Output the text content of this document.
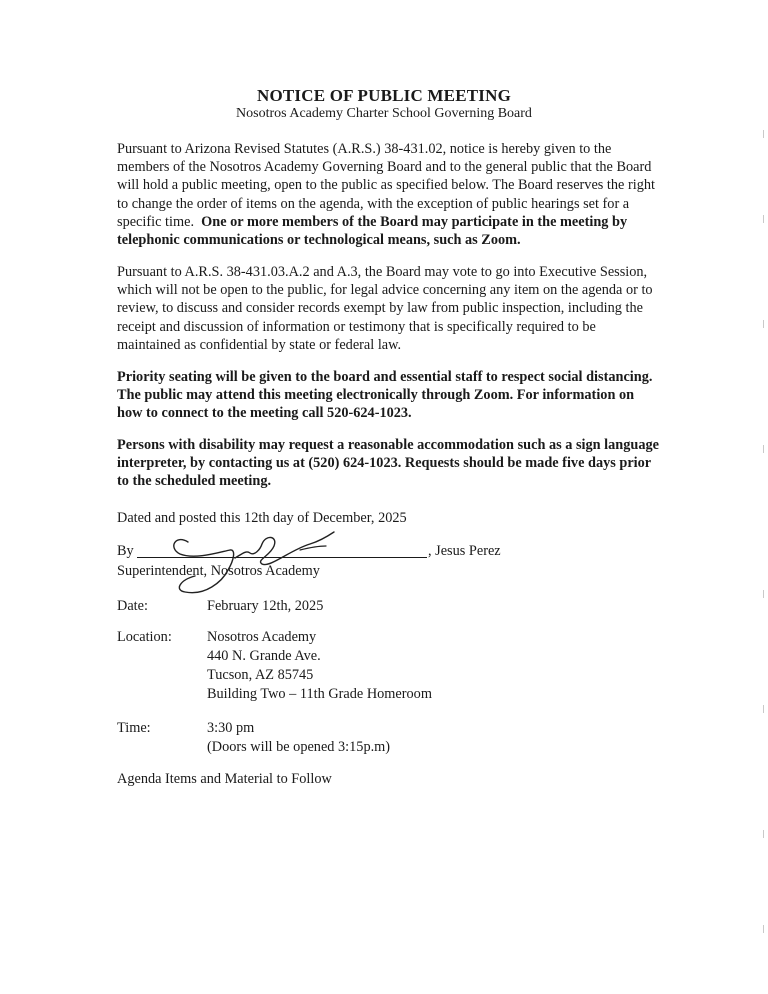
NOTICE OF PUBLIC MEETING
Nosotros Academy Charter School Governing Board

Pursuant to Arizona Revised Statutes (A.R.S.) 38-431.02, notice is hereby given to the members of the Nosotros Academy Governing Board and to the general public that the Board will hold a public meeting, open to the public as specified below. The Board reserves the right to change the order of items on the agenda, with the exception of public hearings set for a specific time. One or more members of the Board may participate in the meeting by telephonic communications or technological means, such as Zoom.

Pursuant to A.R.S. 38-431.03.A.2 and A.3, the Board may vote to go into Executive Session, which will not be open to the public, for legal advice concerning any item on the agenda or to review, to discuss and consider records exempt by law from public inspection, including the receipt and discussion of information or testimony that is specifically required to be maintained as confidential by state or federal law.

Priority seating will be given to the board and essential staff to respect social distancing. The public may attend this meeting electronically through Zoom. For information on how to connect to the meeting call 520-624-1023.

Persons with disability may request a reasonable accommodation such as a sign language interpreter, by contacting us at (520) 624-1023. Requests should be made five days prior to the scheduled meeting.

Dated and posted this 12th day of December, 2025
By	, Jesus Perez
Superintendent, Nosotros Academy
Date:	February 12th, 2025
Location: Nosotros Academy
440 N. Grande Ave.
Tucson, AZ 85745
Building Two – 11th Grade Homeroom
Time:	3:30 pm
(Doors will be opened 3:15p.m)
Agenda Items and Material to Follow
